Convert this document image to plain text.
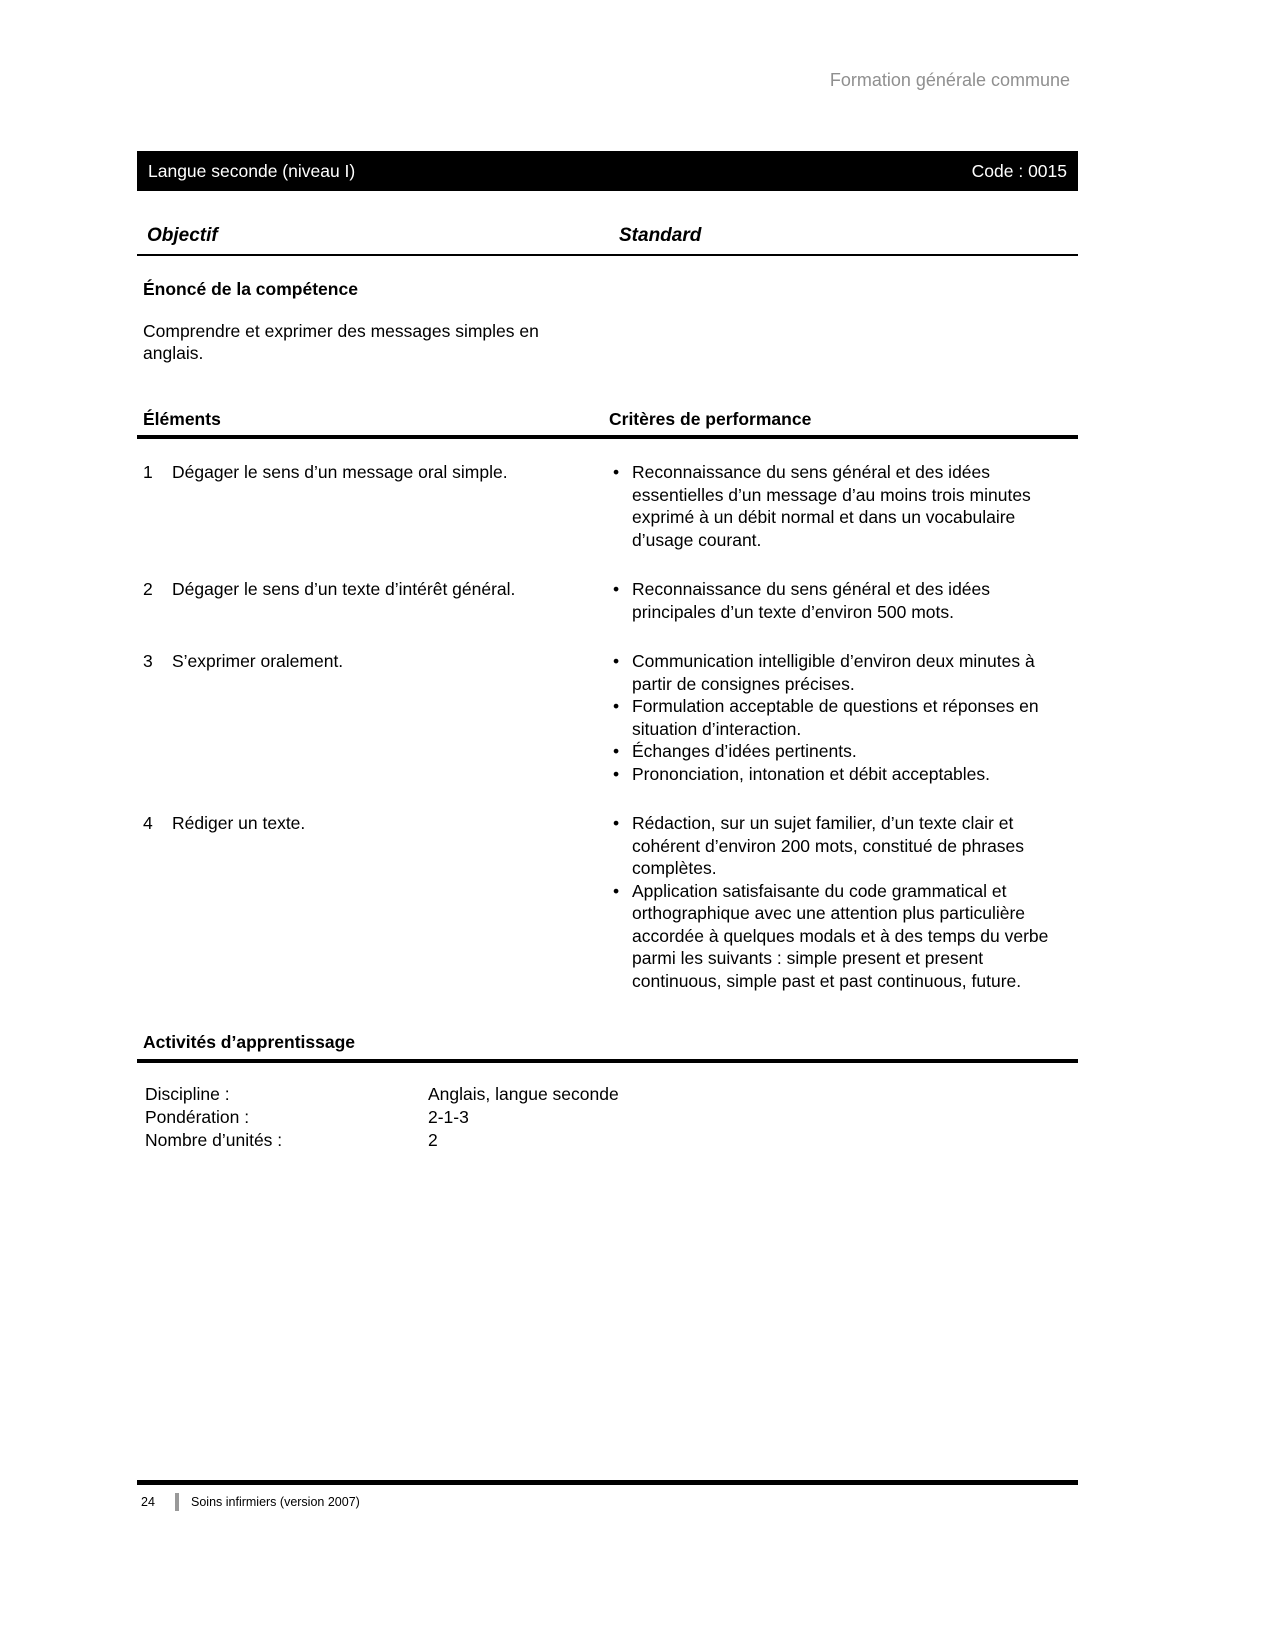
Formation générale commune
Langue seconde (niveau I)	Code : 0015
Objectif	Standard
Énoncé de la compétence
Comprendre et exprimer des messages simples en anglais.
Éléments	Critères de performance
1	Dégager le sens d’un message oral simple.	• Reconnaissance du sens général et des idées essentielles d’un message d’au moins trois minutes exprimé à un débit normal et dans un vocabulaire d’usage courant.
2	Dégager le sens d’un texte d’intérêt général.	• Reconnaissance du sens général et des idées principales d’un texte d’environ 500 mots.
3	S’exprimer oralement.	• Communication intelligible d’environ deux minutes à partir de consignes précises.
• Formulation acceptable de questions et réponses en situation d’interaction.
• Échanges d’idées pertinents.
• Prononciation, intonation et débit acceptables.
4	Rédiger un texte.	• Rédaction, sur un sujet familier, d’un texte clair et cohérent d’environ 200 mots, constitué de phrases complètes.
• Application satisfaisante du code grammatical et orthographique avec une attention plus particulière accordée à quelques modals et à des temps du verbe parmi les suivants : simple present et present continuous, simple past et past continuous, future.
Activités d’apprentissage
Discipline :	Anglais, langue seconde
Pondération :	2-1-3
Nombre d’unités :	2
24	Soins infirmiers (version 2007)
